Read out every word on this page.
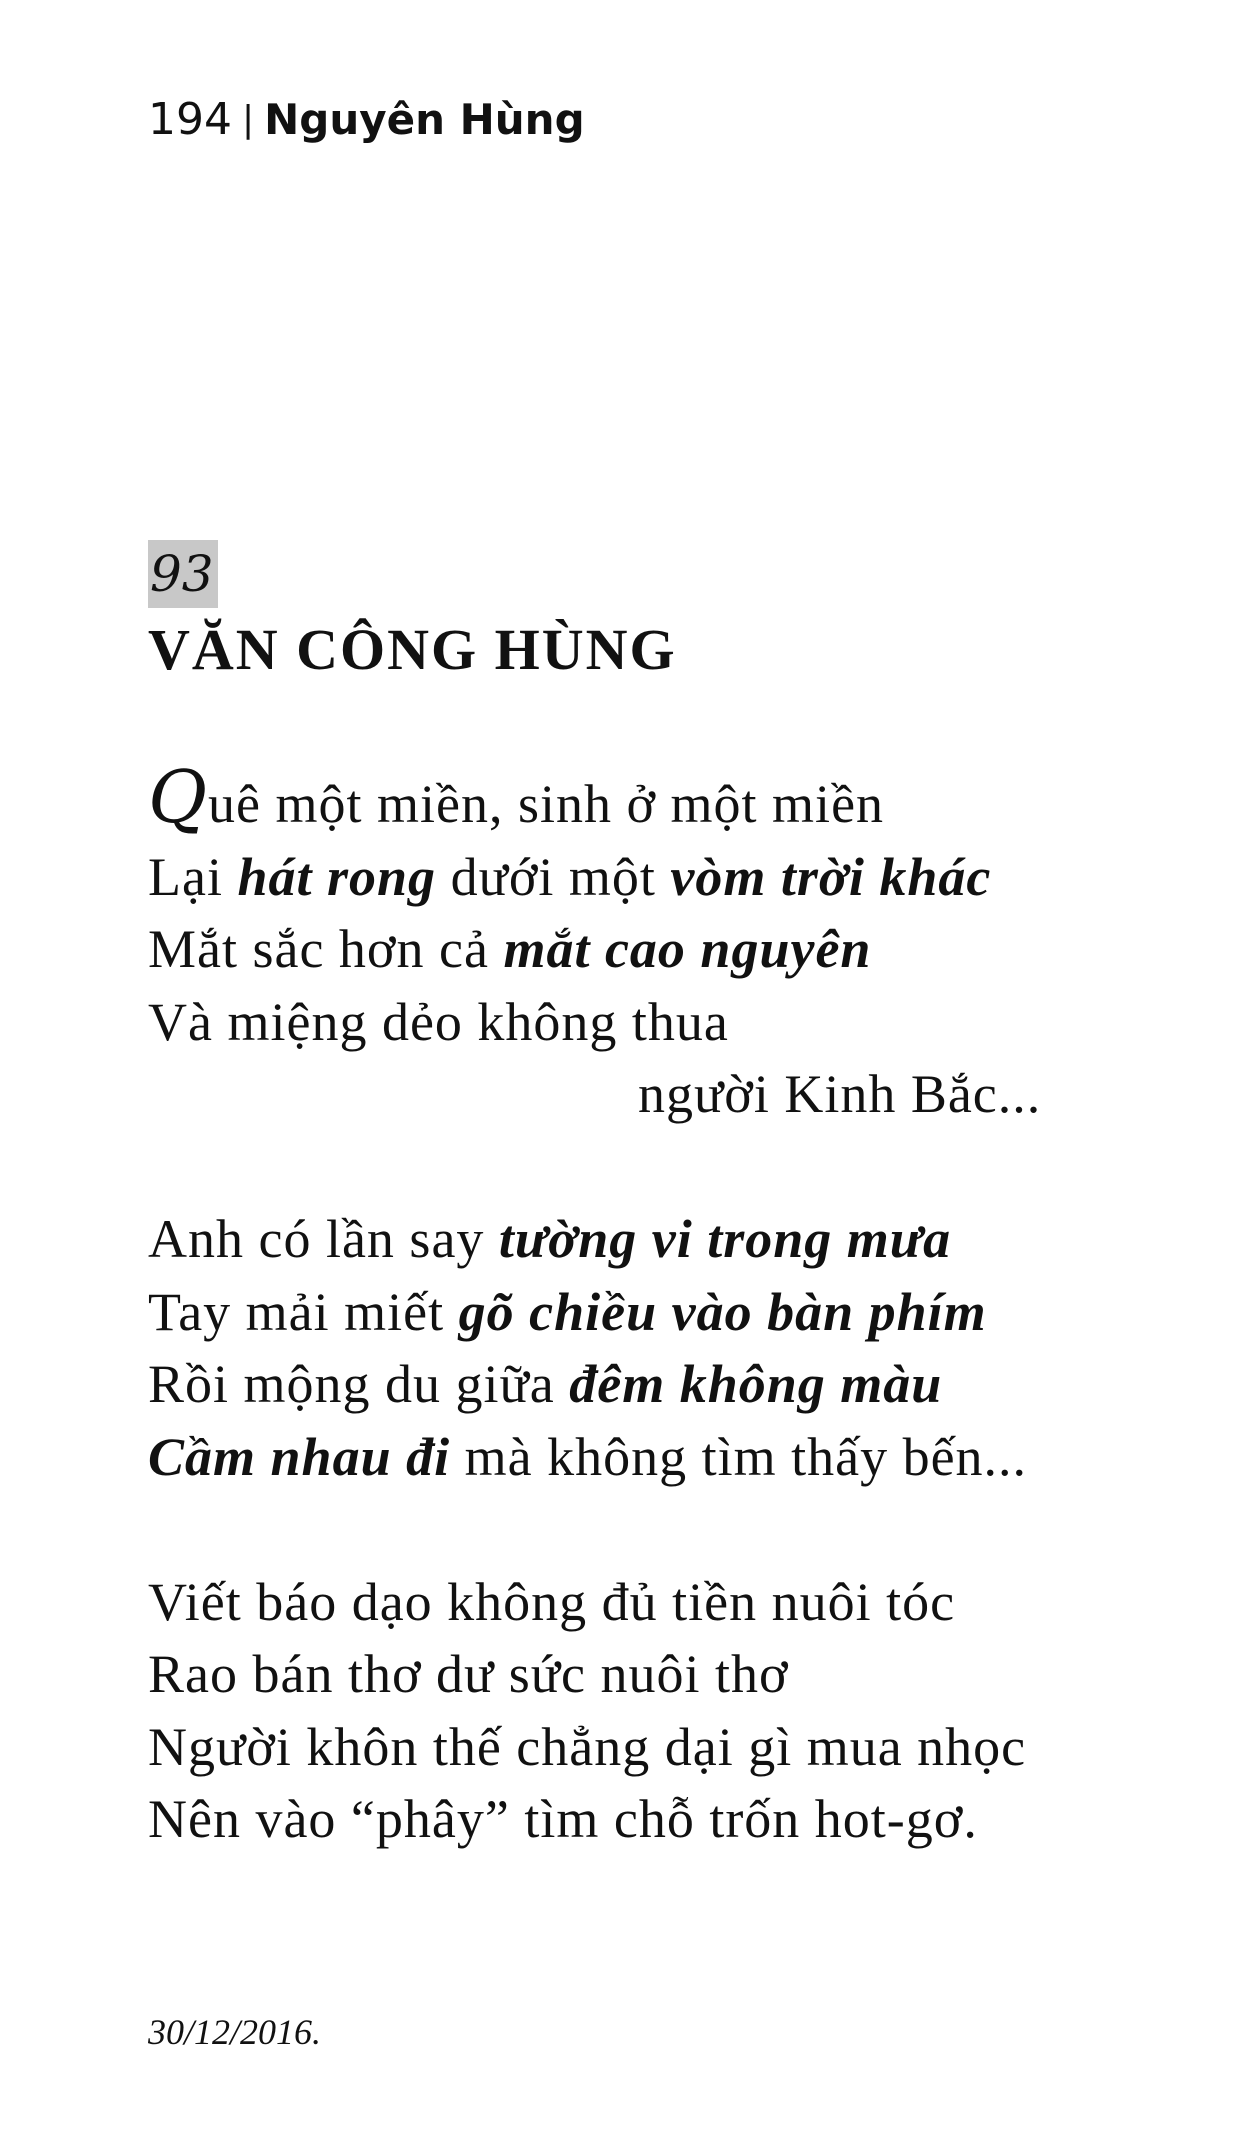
194 | Nguyên Hùng
93
VĂN CÔNG HÙNG
Quê một miền, sinh ở một miền
Lại hát rong dưới một vòm trời khác
Mắt sắc hơn cả mắt cao nguyên
Và miệng dẻo không thua
người Kinh Bắc...
Anh có lần say tường vi trong mưa
Tay mải miết gõ chiều vào bàn phím
Rồi mộng du giữa đêm không màu
Cầm nhau đi mà không tìm thấy bến...
Viết báo dạo không đủ tiền nuôi tóc
Rao bán thơ dư sức nuôi thơ
Người khôn thế chẳng dại gì mua nhọc
Nên vào “phây” tìm chỗ trốn hot-gơ.
30/12/2016.
